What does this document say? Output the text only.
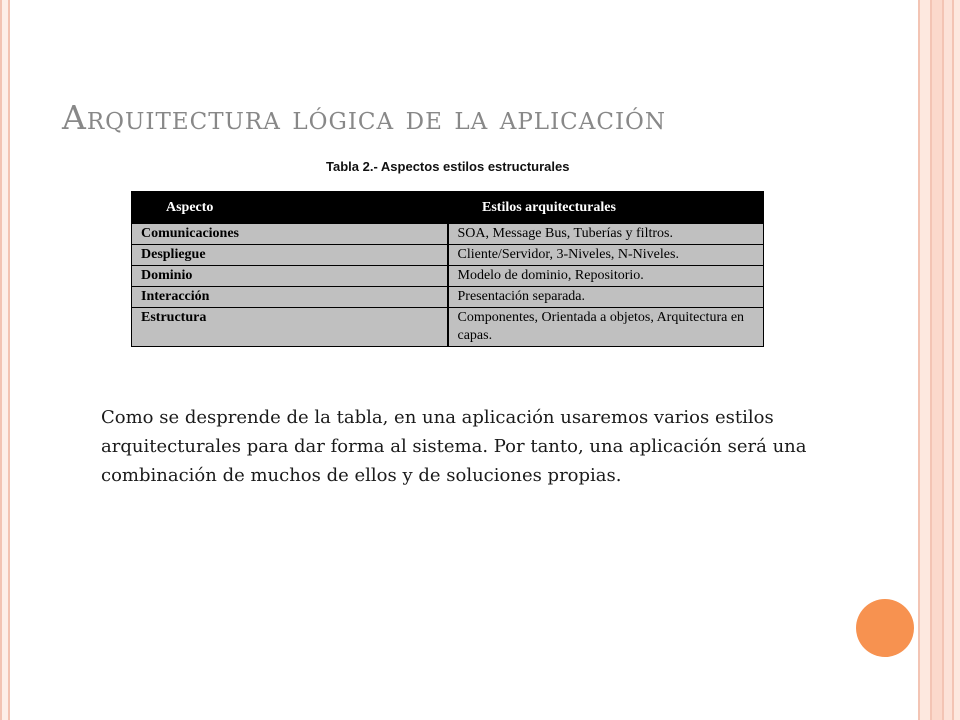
Arquitectura lógica de la aplicación
Tabla 2.- Aspectos estilos estructurales
Aspecto	Estilos arquitecturales
Comunicaciones	SOA, Message Bus, Tuberías y filtros.
Despliegue	Cliente/Servidor, 3-Niveles, N-Niveles.
Dominio	Modelo de dominio, Repositorio.
Interacción	Presentación separada.
Estructura	Componentes, Orientada a objetos, Arquitectura en capas.

Como se desprende de la tabla, en una aplicación usaremos varios estilos arquitecturales para dar forma al sistema. Por tanto, una aplicación será una combinación de muchos de ellos y de soluciones propias.
